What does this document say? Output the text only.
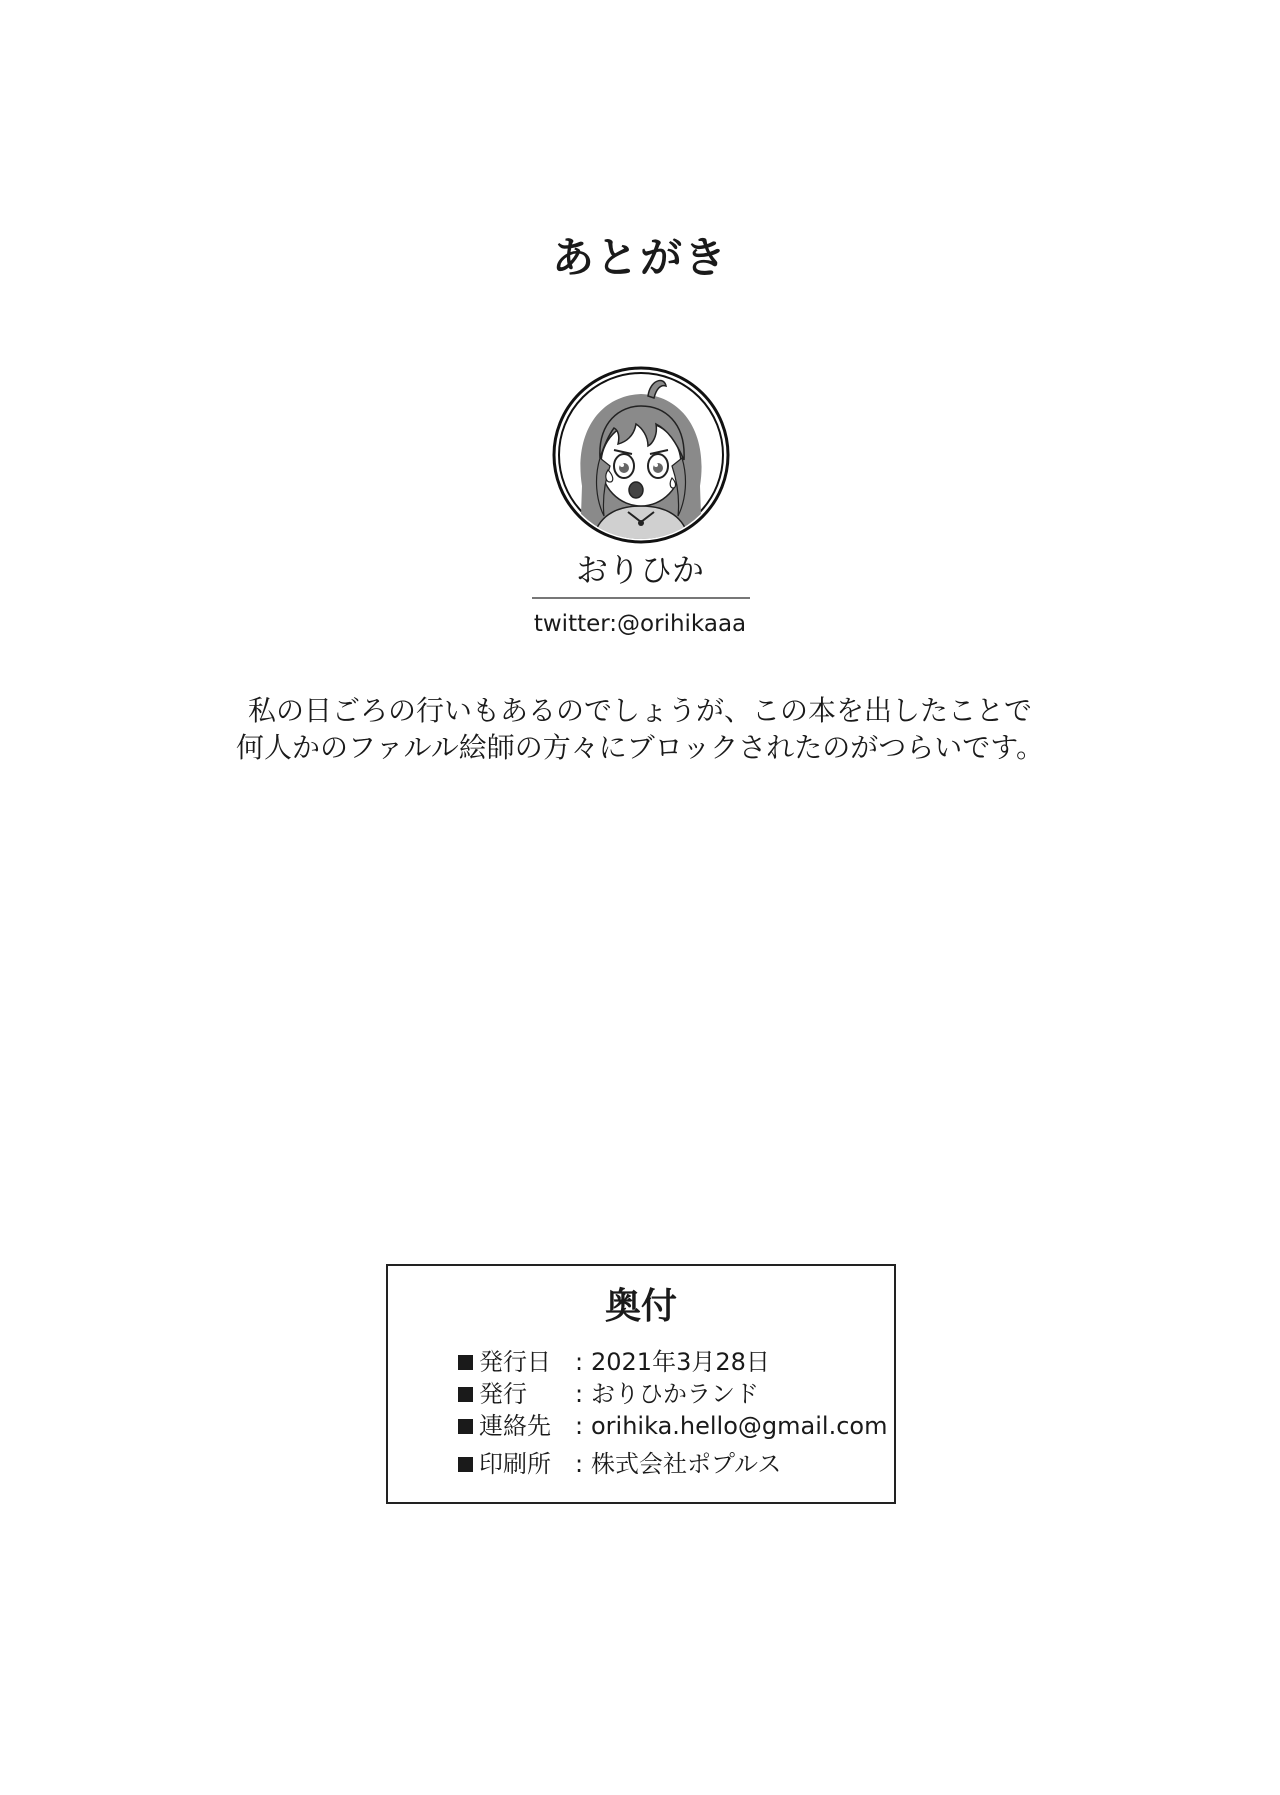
あとがき
おりひか
twitter:@orihikaaa

私の日ごろの行いもあるのでしょうが、この本を出したことで

何人かのファルル絵師の方々にブロックされたのがつらいです。

奥付
発行日 : 2021年3月28日
発行	: おりひかランド
連絡先 : orihika.hello@gmail.com
印刷所 : 株式会社ポプルス
